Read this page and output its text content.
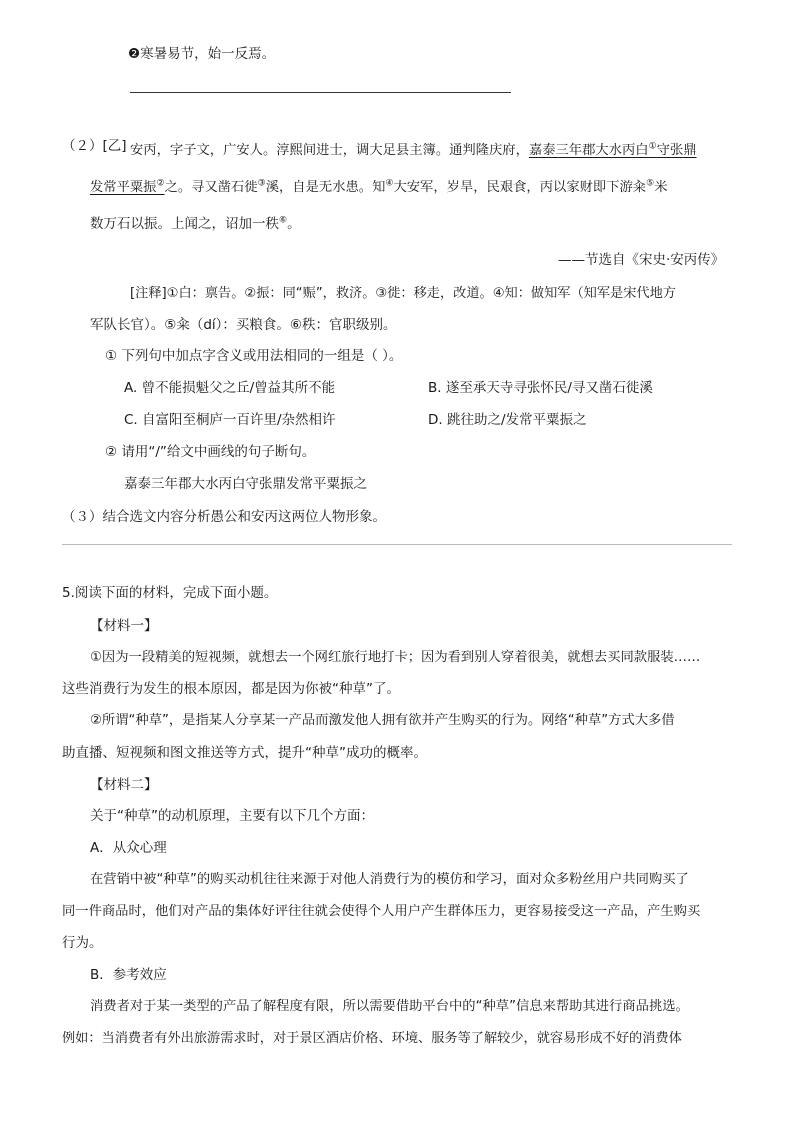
❷寒暑易节，始一反焉。
（２）[乙] 安丙，字子文，广安人。淳熙间进士，调大足县主簿。通判隆庆府，嘉泰三年郡大水丙白①守张鼎
发常平粟振②之。寻又凿石徙③溪，自是无水患。知④大安军，岁旱，民艰食，丙以家财即下游籴⑤米
数万石以振。上闻之，诏加一秩⑥。
——节选自《宋史·安丙传》
[注释]①白：禀告。②振：同“赈”，救济。③徙：移走，改道。④知：做知军（知军是宋代地方
军队长官）。⑤籴（dí）：买粮食。⑥秩：官职级别。
① 下列句中加点字含义或用法相同的一组是（ ）。
A. 曾不能损魁父之丘/曾益其所不能	B. 遂至承天寺寻张怀民/寻又凿石徙溪
C. 自富阳至桐庐一百许里/杂然相许	D. 跳往助之/发常平粟振之
② 请用“/”给文中画线的句子断句。
嘉泰三年郡大水丙白守张鼎发常平粟振之
（３）结合选文内容分析愚公和安丙这两位人物形象。
5.阅读下面的材料，完成下面小题。
【材料一】
①因为一段精美的短视频，就想去一个网红旅行地打卡；因为看到别人穿着很美，就想去买同款服装……
这些消费行为发生的根本原因，都是因为你被“种草”了。
②所谓“种草”，是指某人分享某一产品而激发他人拥有欲并产生购买的行为。网络“种草”方式大多借
助直播、短视频和图文推送等方式，提升“种草”成功的概率。
【材料二】
关于“种草”的动机原理，主要有以下几个方面：
A．从众心理
在营销中被“种草”的购买动机往往来源于对他人消费行为的模仿和学习，面对众多粉丝用户共同购买了
同一件商品时，他们对产品的集体好评往往就会使得个人用户产生群体压力，更容易接受这一产品，产生购买
行为。
B．参考效应
消费者对于某一类型的产品了解程度有限，所以需要借助平台中的“种草”信息来帮助其进行商品挑选。
例如：当消费者有外出旅游需求时，对于景区酒店价格、环境、服务等了解较少，就容易形成不好的消费体
